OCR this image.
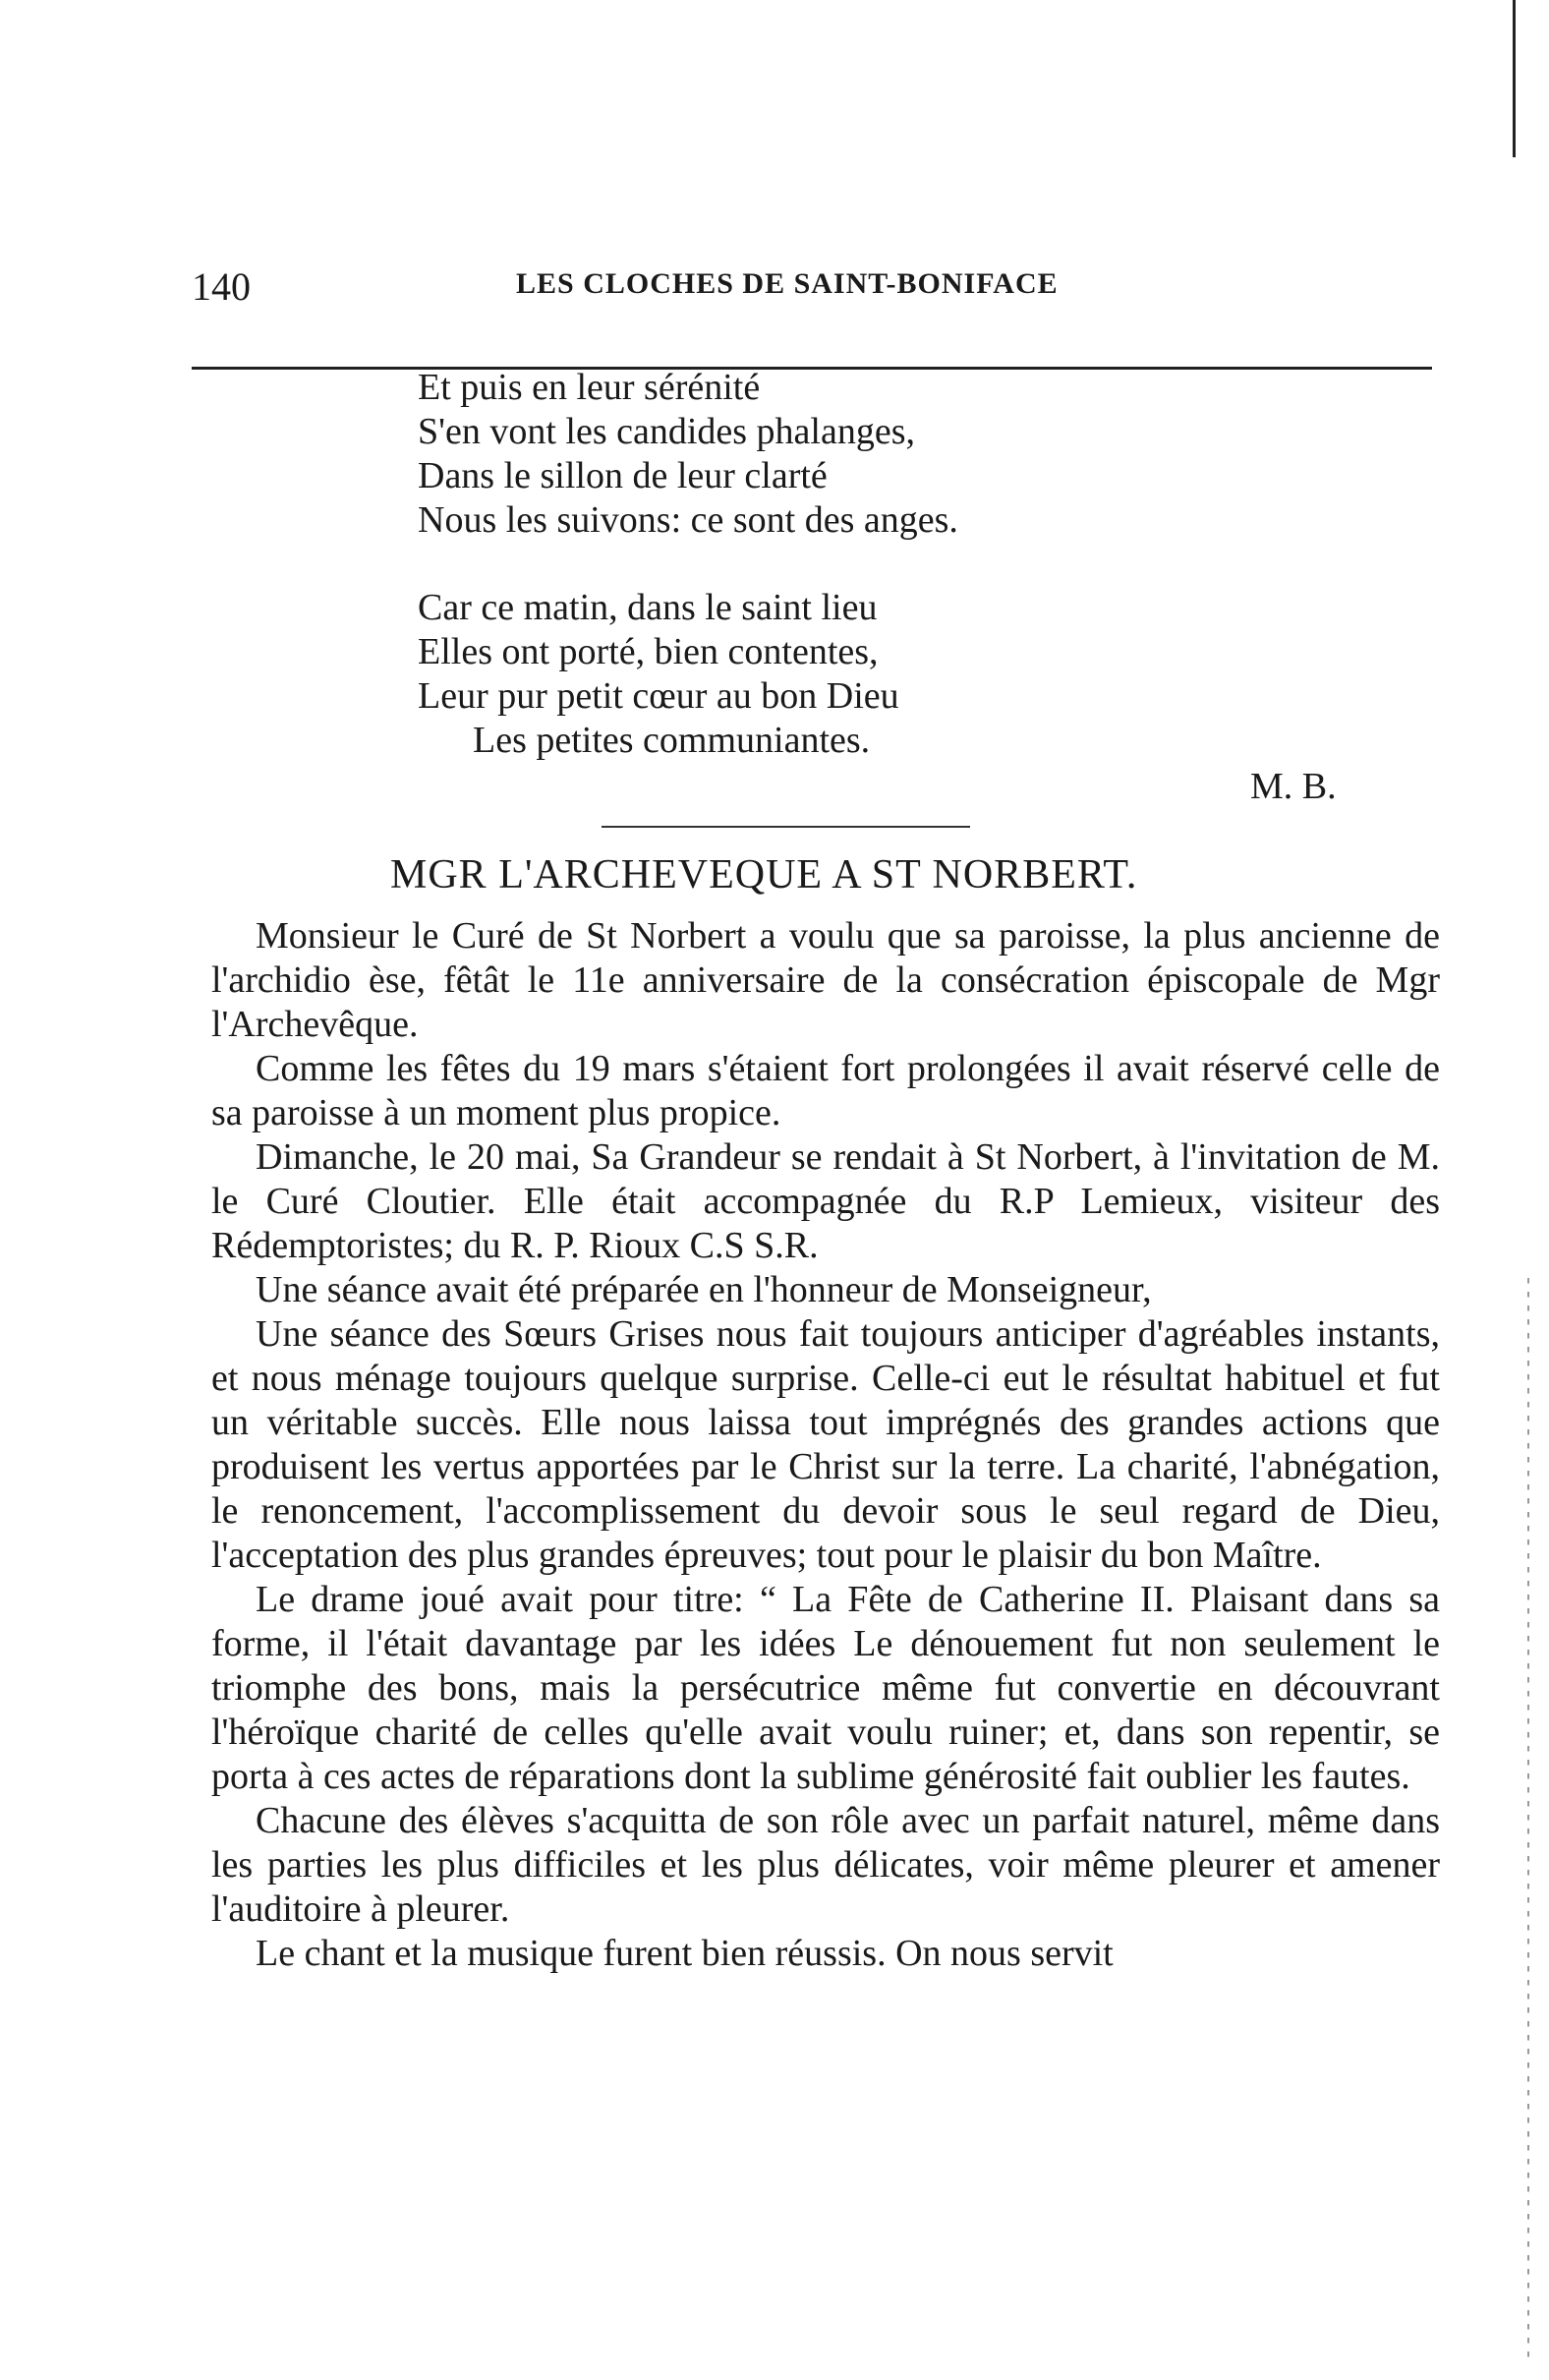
140	LES CLOCHES DE SAINT-BONIFACE

Et puis en leur sérénité

S'en vont les candides phalanges,

Dans le sillon de leur clarté

Nous les suivons: ce sont des anges.

Car ce matin, dans le saint lieu

Elles ont porté, bien contentes,

Leur pur petit cœur au bon Dieu

Les petites communiantes.

M. B.
MGR L'ARCHEVEQUE A ST NORBERT.

Monsieur le Curé de St Norbert a voulu que sa paroisse, la plus ancienne de l'archidio èse, fêtât le 11e anniversaire de la consécration épiscopale de Mgr l'Archevêque.

Comme les fêtes du 19 mars s'étaient fort prolongées il avait réservé celle de sa paroisse à un moment plus propice.

Dimanche, le 20 mai, Sa Grandeur se rendait à St Norbert, à l'invitation de M. le Curé Cloutier. Elle était accompagnée du R.P Lemieux, visiteur des Rédemptoristes; du R. P. Rioux C.S S.R.

Une séance avait été préparée en l'honneur de Monseigneur,

Une séance des Sœurs Grises nous fait toujours anticiper d'agréables instants, et nous ménage toujours quelque surprise. Celle-ci eut le résultat habituel et fut un véritable succès. Elle nous laissa tout imprégnés des grandes actions que produisent les vertus apportées par le Christ sur la terre. La charité, l'abnégation, le renoncement, l'accomplissement du devoir sous le seul regard de Dieu, l'acceptation des plus grandes épreuves; tout pour le plaisir du bon Maître.

Le drame joué avait pour titre: “ La Fête de Catherine II. Plaisant dans sa forme, il l'était davantage par les idées Le dénouement fut non seulement le triomphe des bons, mais la persécutrice même fut convertie en découvrant l'héroïque charité de celles qu'elle avait voulu ruiner; et, dans son repentir, se porta à ces actes de réparations dont la sublime générosité fait oublier les fautes.

Chacune des élèves s'acquitta de son rôle avec un parfait naturel, même dans les parties les plus difficiles et les plus délicates, voir même pleurer et amener l'auditoire à pleurer.

Le chant et la musique furent bien réussis. On nous servit
